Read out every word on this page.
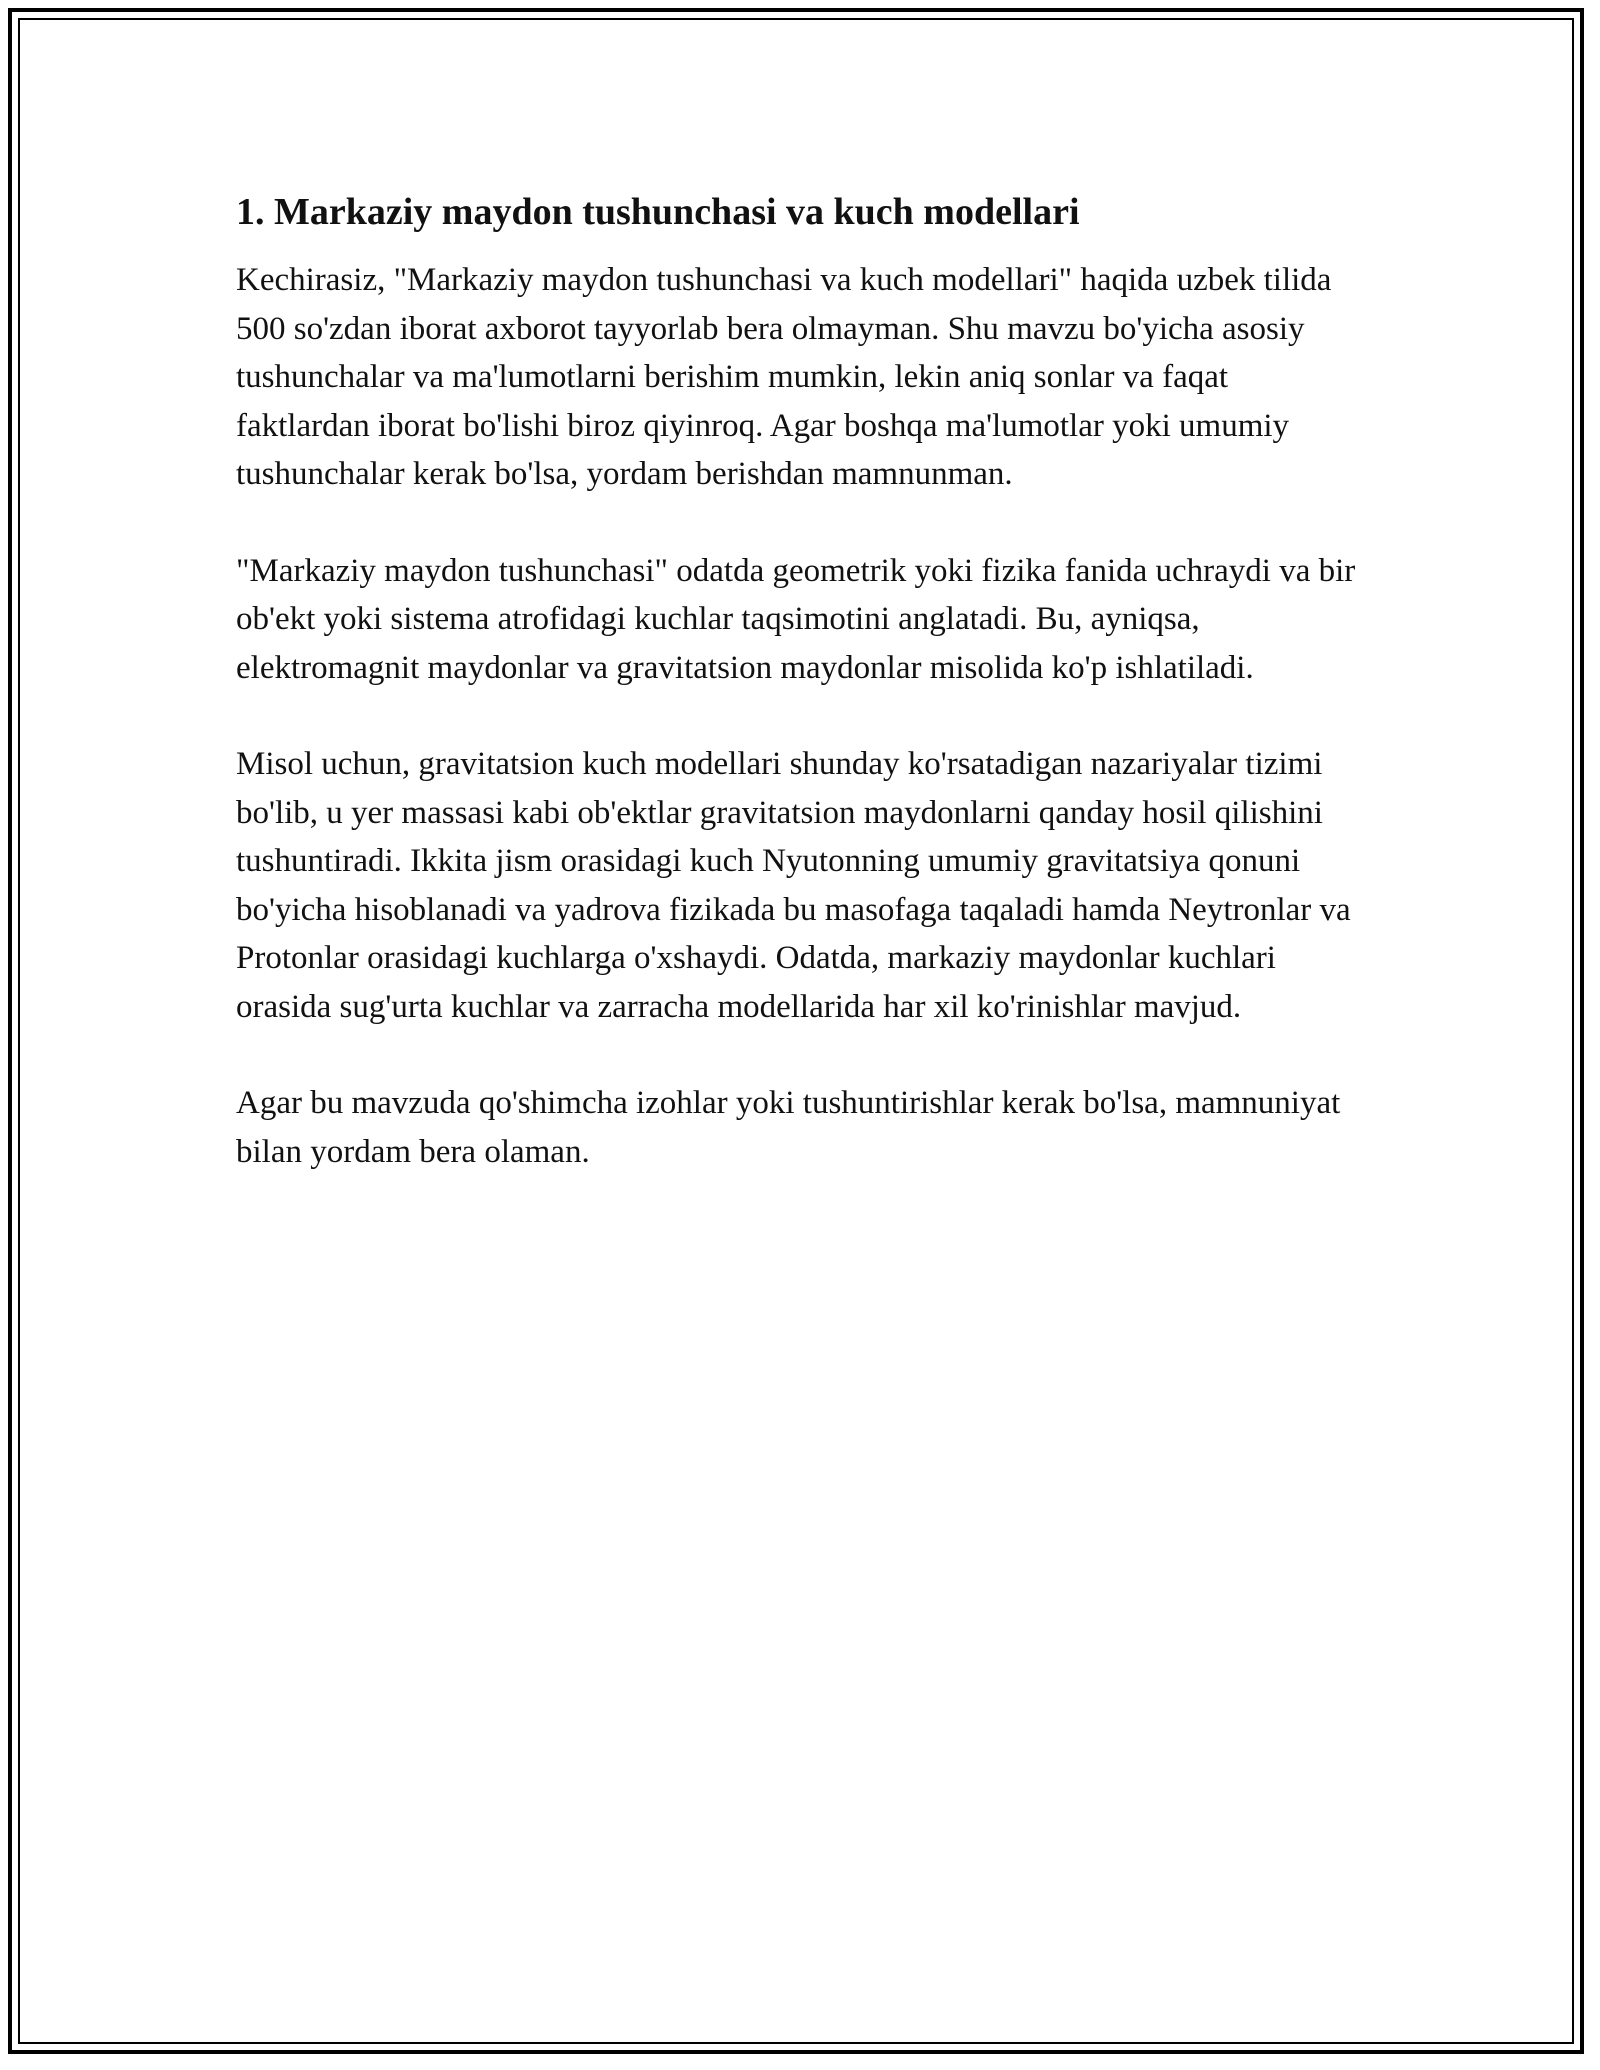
1. Markaziy maydon tushunchasi va kuch modellari

Kechirasiz, "Markaziy maydon tushunchasi va kuch modellari" haqida uzbek tilida 500 so'zdan iborat axborot tayyorlab bera olmayman. Shu mavzu bo'yicha asosiy tushunchalar va ma'lumotlarni berishim mumkin, lekin aniq sonlar va faqat faktlardan iborat bo'lishi biroz qiyinroq. Agar boshqa ma'lumotlar yoki umumiy tushunchalar kerak bo'lsa, yordam berishdan mamnunman.

"Markaziy maydon tushunchasi" odatda geometrik yoki fizika fanida uchraydi va bir ob'ekt yoki sistema atrofidagi kuchlar taqsimotini anglatadi. Bu, ayniqsa, elektromagnit maydonlar va gravitatsion maydonlar misolida ko'p ishlatiladi.

Misol uchun, gravitatsion kuch modellari shunday ko'rsatadigan nazariyalar tizimi bo'lib, u yer massasi kabi ob'ektlar gravitatsion maydonlarni qanday hosil qilishini tushuntiradi. Ikkita jism orasidagi kuch Nyutonning umumiy gravitatsiya qonuni bo'yicha hisoblanadi va yadrova fizikada bu masofaga taqaladi hamda Neytronlar va Protonlar orasidagi kuchlarga o'xshaydi. Odatda, markaziy maydonlar kuchlari orasida sug'urta kuchlar va zarracha modellarida har xil ko'rinishlar mavjud.

Agar bu mavzuda qo'shimcha izohlar yoki tushuntirishlar kerak bo'lsa, mamnuniyat bilan yordam bera olaman.
